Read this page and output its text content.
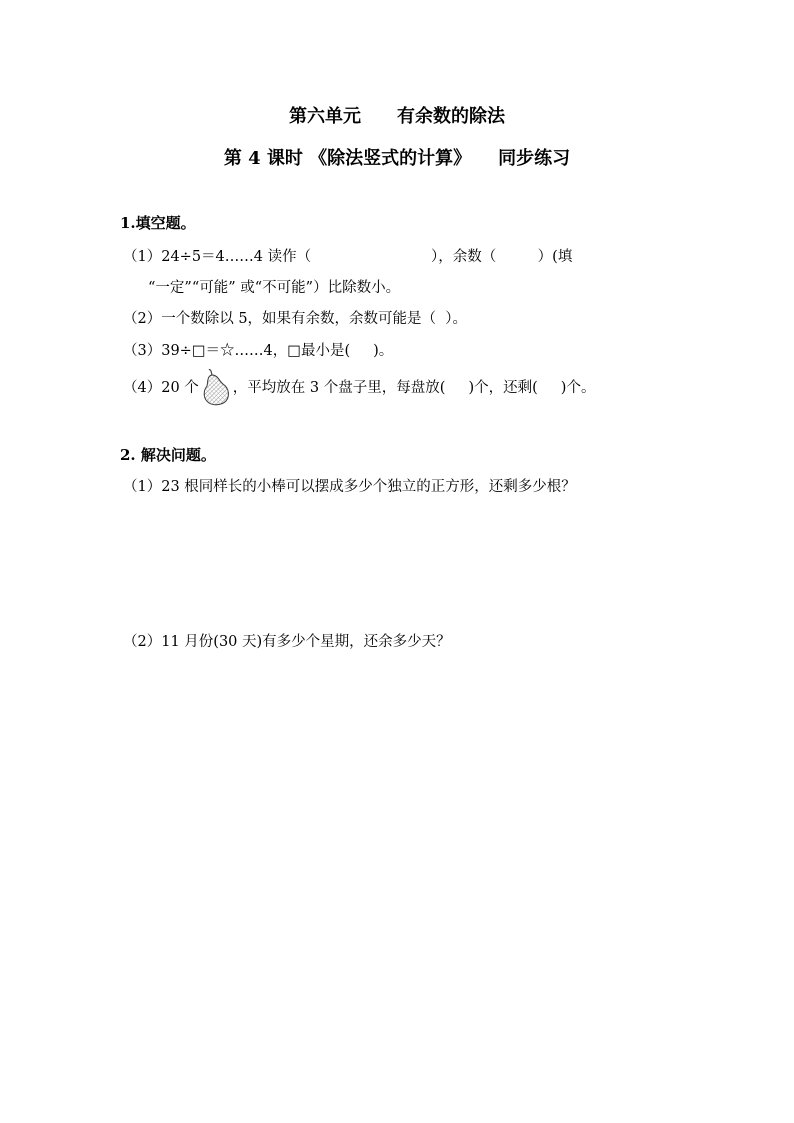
第六单元　　有余数的除法
第 4 课时 《除法竖式的计算》　　同步练习
1.填空题。
（1）24÷5＝4……4 读作（                          ），余数（         ）(填
“一定”“可能” 或“不可能”）比除数小。
（2）一个数除以 5，如果有余数，余数可能是（  ）。
（3）39÷□＝☆……4，□最小是(     )。
（4）20 个 ，平均放在 3 个盘子里，每盘放(     )个，还剩(     )个。
2. 解决问题。
（1）23 根同样长的小棒可以摆成多少个独立的正方形，还剩多少根？
（2）11 月份(30 天)有多少个星期，还余多少天？
